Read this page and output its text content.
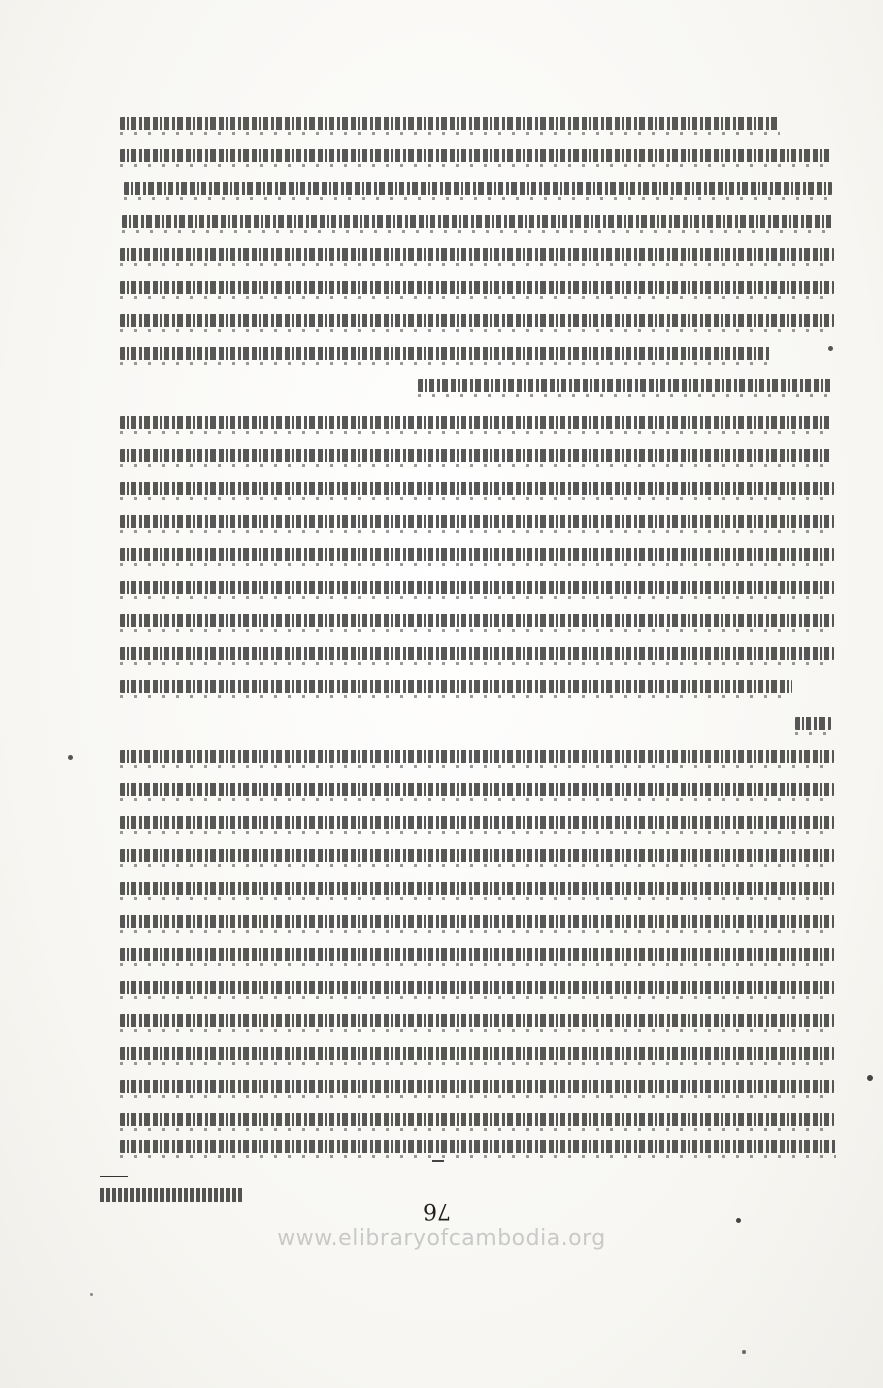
76
www.elibraryofcambodia.org
